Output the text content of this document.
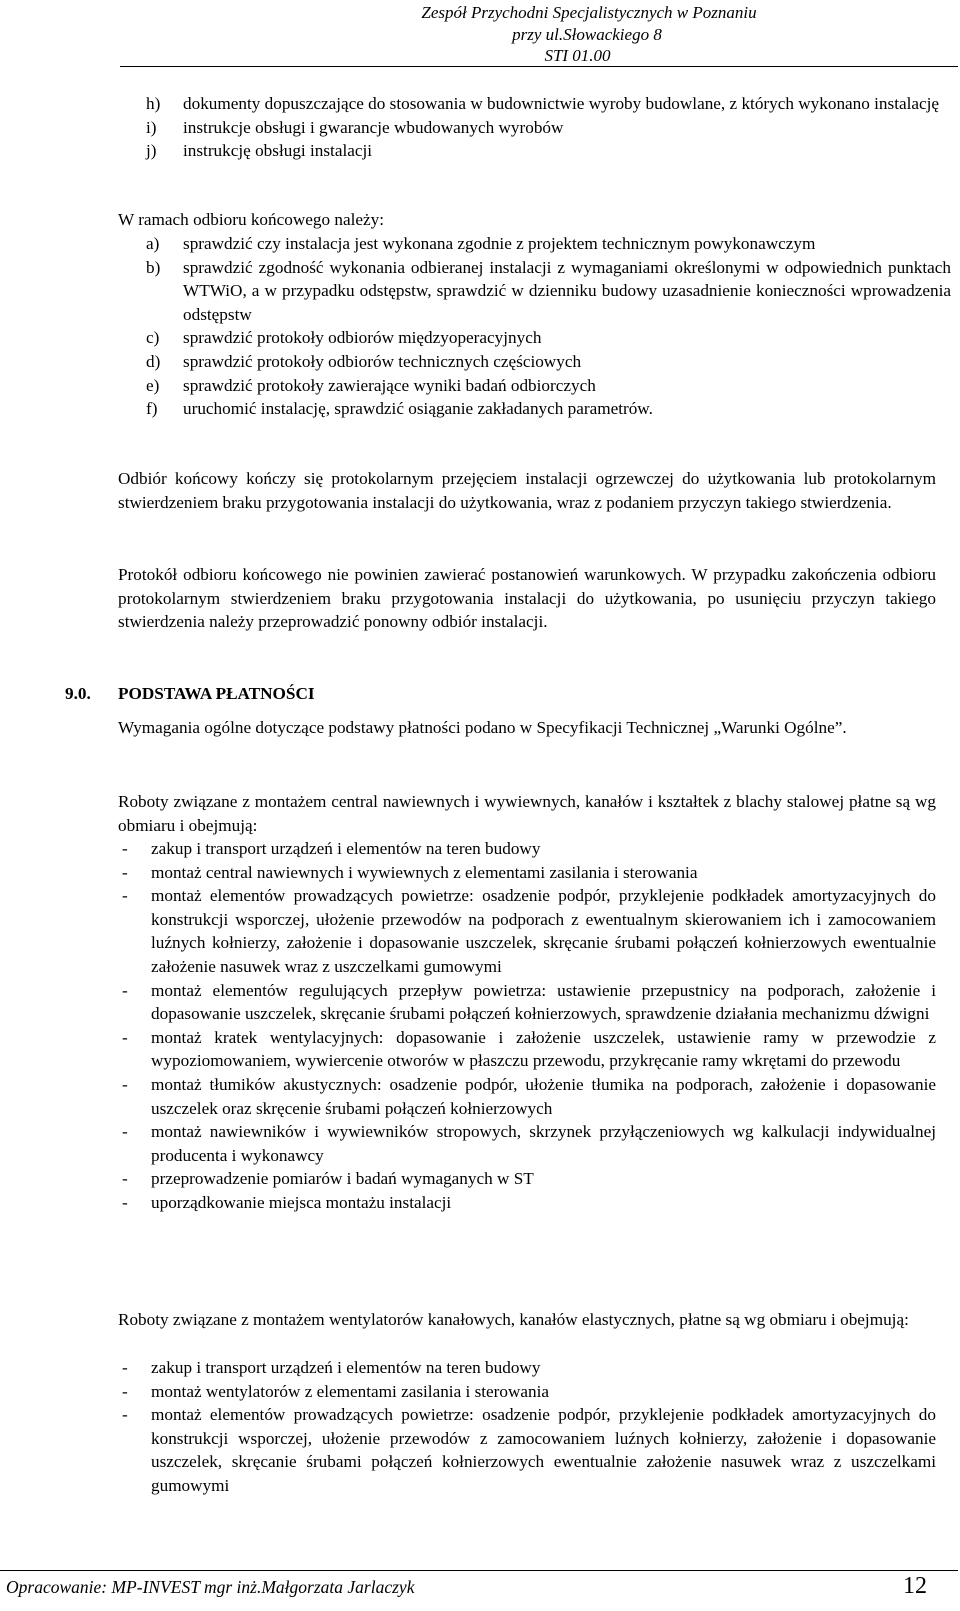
Zespół Przychodni Specjalistycznych w Poznaniu
przy ul.Słowackiego 8
STI 01.00
h)	dokumenty dopuszczające do stosowania w budownictwie wyroby budowlane, z których wykonano instalację
i)	instrukcje obsługi i gwarancje wbudowanych wyrobów
j)	instrukcję obsługi instalacji
W ramach odbioru końcowego należy:
a)	sprawdzić czy instalacja jest wykonana zgodnie z projektem technicznym powykonawczym
b)	sprawdzić zgodność wykonania odbieranej instalacji z wymaganiami określonymi w odpowiednich punktach WTWiO, a w przypadku odstępstw, sprawdzić w dzienniku budowy uzasadnienie konieczności wprowadzenia odstępstw
c)	sprawdzić protokoły odbiorów międzyoperacyjnych
d)	sprawdzić protokoły odbiorów technicznych częściowych
e)	sprawdzić protokoły zawierające wyniki badań odbiorczych
f)	uruchomić instalację, sprawdzić osiąganie zakładanych parametrów.
Odbiór końcowy kończy się protokolarnym przejęciem instalacji ogrzewczej do użytkowania lub protokolarnym stwierdzeniem braku przygotowania instalacji do użytkowania, wraz z podaniem przyczyn takiego stwierdzenia.
Protokół odbioru końcowego nie powinien zawierać postanowień warunkowych. W przypadku zakończenia odbioru protokolarnym stwierdzeniem braku przygotowania instalacji do użytkowania, po usunięciu przyczyn takiego stwierdzenia należy przeprowadzić ponowny odbiór instalacji.
9.0.	PODSTAWA PŁATNOŚCI
Wymagania ogólne dotyczące podstawy płatności podano w Specyfikacji Technicznej „Warunki Ogólne”.
Roboty związane z montażem central nawiewnych i wywiewnych, kanałów i kształtek z blachy stalowej płatne są wg obmiaru i obejmują:
-	zakup i transport urządzeń i elementów na teren budowy
-	montaż central nawiewnych i wywiewnych z elementami zasilania i sterowania
-	montaż elementów prowadzących powietrze: osadzenie podpór, przyklejenie podkładek amortyzacyjnych do konstrukcji wsporczej, ułożenie przewodów na podporach z ewentualnym skierowaniem ich i zamocowaniem luźnych kołnierzy, założenie i dopasowanie uszczelek, skręcanie śrubami połączeń kołnierzowych ewentualnie założenie nasuwek wraz z uszczelkami gumowymi
-	montaż elementów regulujących przepływ powietrza: ustawienie przepustnicy na podporach, założenie i dopasowanie uszczelek, skręcanie śrubami połączeń kołnierzowych, sprawdzenie działania mechanizmu dźwigni
-	montaż kratek wentylacyjnych: dopasowanie i założenie uszczelek, ustawienie ramy w przewodzie z wypoziomowaniem, wywiercenie otworów w płaszczu przewodu, przykręcanie ramy wkrętami do przewodu
-	montaż tłumików akustycznych: osadzenie podpór, ułożenie tłumika na podporach, założenie i dopasowanie uszczelek oraz skręcenie śrubami połączeń kołnierzowych
-	montaż nawiewników i wywiewników stropowych, skrzynek przyłączeniowych wg kalkulacji indywidualnej producenta i wykonawcy
-	przeprowadzenie pomiarów i badań wymaganych w ST
-	uporządkowanie miejsca montażu instalacji
Roboty związane z montażem wentylatorów kanałowych, kanałów elastycznych, płatne są wg obmiaru i obejmują:
-	zakup i transport urządzeń i elementów na teren budowy
-	montaż wentylatorów z elementami zasilania i sterowania
-	montaż elementów prowadzących powietrze: osadzenie podpór, przyklejenie podkładek amortyzacyjnych do konstrukcji wsporczej, ułożenie przewodów z zamocowaniem luźnych kołnierzy, założenie i dopasowanie uszczelek, skręcanie śrubami połączeń kołnierzowych ewentualnie założenie nasuwek wraz z uszczelkami gumowymi
Opracowanie: MP-INVEST mgr inż.Małgorzata Jarlaczyk	12
